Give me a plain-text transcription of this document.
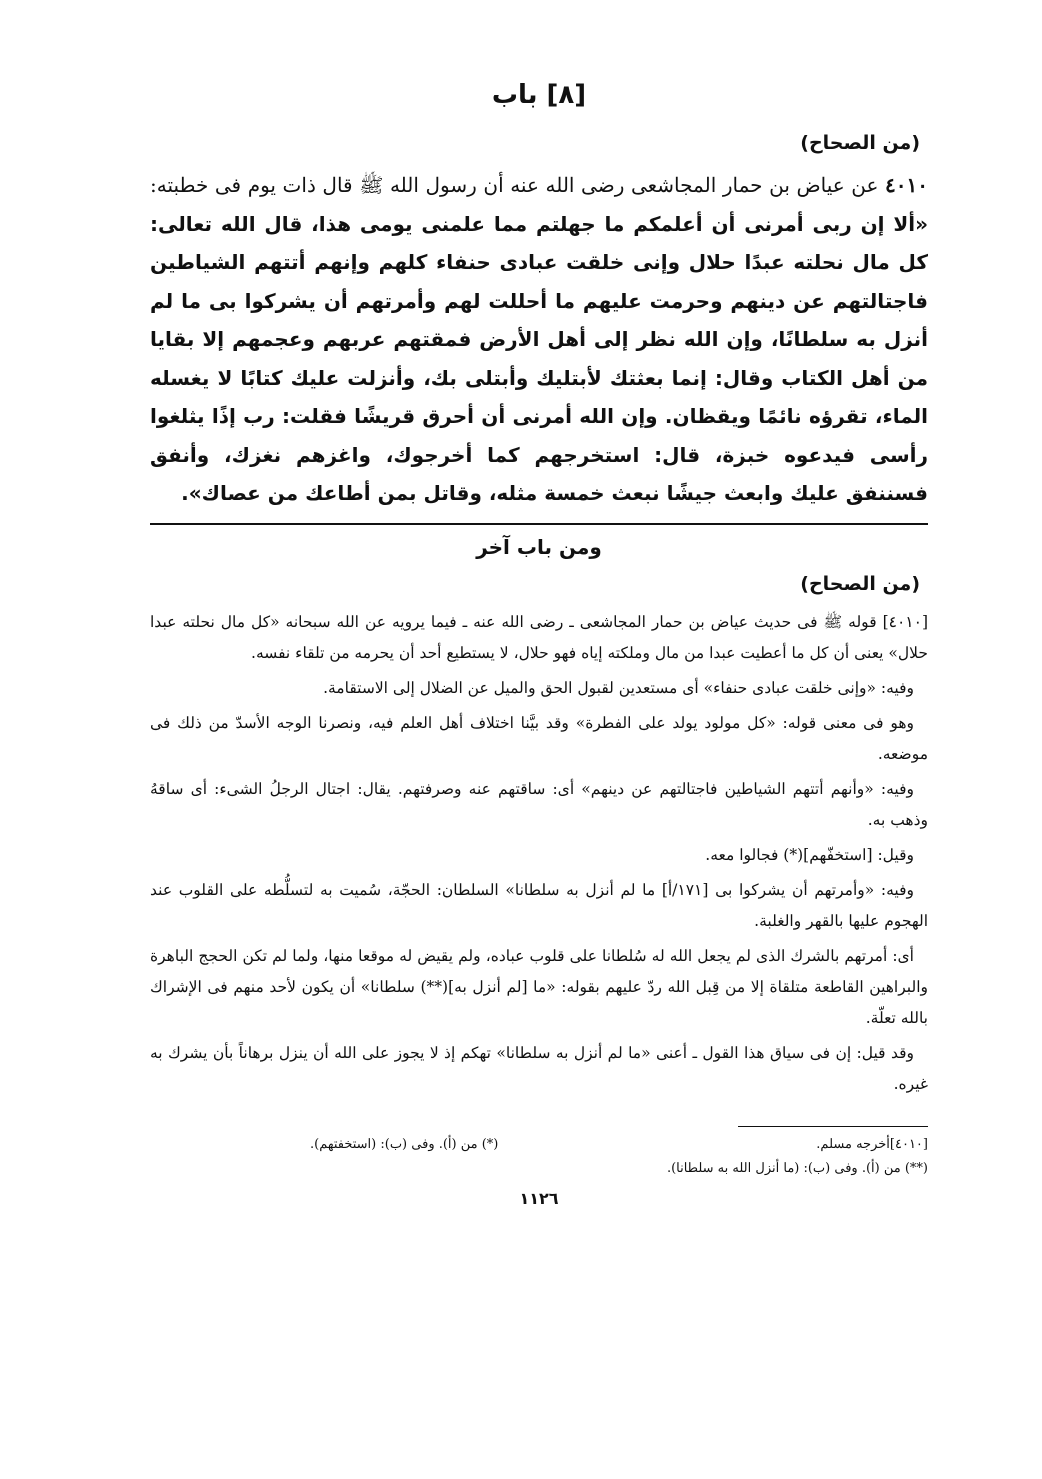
[٨] باب
(من الصحاح)

٤٠١٠ عن عياض بن حمار المجاشعى رضى الله عنه أن رسول الله ﷺ قال ذات يوم فى خطبته: «ألا إن ربى أمرنى أن أعلمكم ما جهلتم مما علمنى يومى هذا، قال الله تعالى: كل مال نحلته عبدًا حلال وإنى خلقت عبادى حنفاء كلهم وإنهم أتتهم الشياطين فاجتالتهم عن دينهم وحرمت عليهم ما أحللت لهم وأمرتهم أن يشركوا بى ما لم أنزل به سلطانًا، وإن الله نظر إلى أهل الأرض فمقتهم عربهم وعجمهم إلا بقايا من أهل الكتاب وقال: إنما بعثتك لأبتليك وأبتلى بك، وأنزلت عليك كتابًا لا يغسله الماء، تقرؤه نائمًا ويقظان. وإن الله أمرنى أن أحرق قريشًا فقلت: رب إذًا يثلغوا رأسى فيدعوه خبزة، قال: استخرجهم كما أخرجوك، واغزهم نغزك، وأنفق فسننفق عليك وابعث جيشًا نبعث خمسة مثله، وقاتل بمن أطاعك من عصاك».

ومن باب آخر
(من الصحاح)

[٤٠١٠] قوله ﷺ فى حديث عياض بن حمار المجاشعى ـ رضى الله عنه ـ فيما يرويه عن الله سبحانه «كل مال نحلته عبدا حلال» يعنى أن كل ما أعطيت عبدا من مال وملكته إياه فهو حلال، لا يستطيع أحد أن يحرمه من تلقاء نفسه.

وفيه: «وإنى خلقت عبادى حنفاء» أى مستعدين لقبول الحق والميل عن الضلال إلى الاستقامة.

وهو فى معنى قوله: «كل مولود يولد على الفطرة» وقد بيَّنا اختلاف أهل العلم فيه، ونصرنا الوجه الأسدّ من ذلك فى موضعه.

وفيه: «وأنهم أتتهم الشياطين فاجتالتهم عن دينهم» أى: ساقتهم عنه وصرفتهم. يقال: اجتال الرجلُ الشىء: أى ساقهُ وذهب به.

وقيل: [استخفّهم](*) فجالوا معه.

وفيه: «وأمرتهم أن يشركوا بى [١٧١/أ] ما لم أنزل به سلطانا» السلطان: الحجّة، سُميت به لتسلُّطه على القلوب عند الهجوم عليها بالقهر والغلبة.

أى: أمرتهم بالشرك الذى لم يجعل الله له سُلطانا على قلوب عباده، ولم يقيض له موقعا منها، ولما لم تكن الحجج الباهرة والبراهين القاطعة متلقاة إلا من قِبل الله ردّ عليهم بقوله: «ما [لم أنزل به](**) سلطانا» أن يكون لأحد منهم فى الإشراك بالله تعلّة.

وقد قيل: إن فى سياق هذا القول ـ أعنى «ما لم أنزل به سلطانا» تهكم إذ لا يجوز على الله أن ينزل برهاناً بأن يشرك به غيره.

[٤٠١٠]أخرجه مسلم.
(*) من (أ). وفى (ب): (استخفتهم).
(**) من (أ). وفى (ب): (ما أنزل الله به سلطانا).
١١٢٦
